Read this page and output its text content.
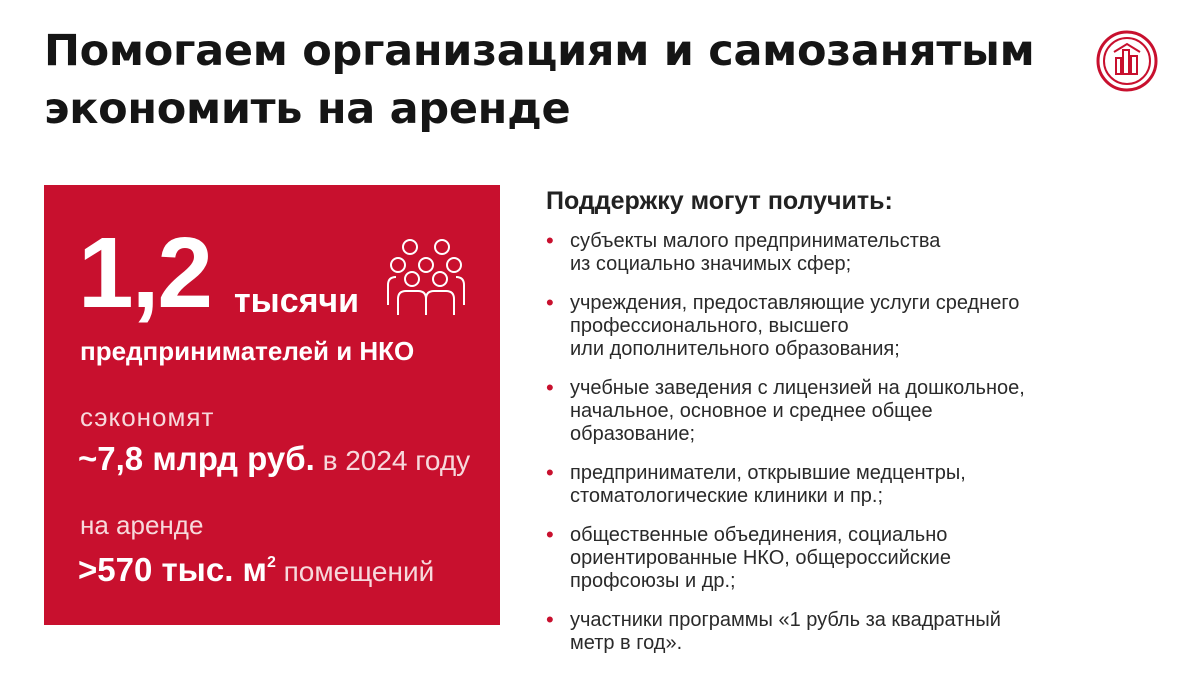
Помогаем организациям и самозанятым
экономить на аренде
1,2 тысячи
предпринимателей и НКО
сэкономят
~7,8 млрд руб. в 2024 году
на аренде
>570 тыс. $м^2$ помещений
Поддержку могут получить:
• субъекты малого предпринимательства
из социально значимых сфер;
• учреждения, предоставляющие услуги среднего
профессионального, высшего
или дополнительного образования;
• учебные заведения с лицензией на дошкольное,
начальное, основное и среднее общее
образование;
• предприниматели, открывшие медцентры,
стоматологические клиники и пр.;
• общественные объединения, социально
ориентированные НКО, общероссийские
профсоюзы и др.;
• участники программы «1 рубль за квадратный
метр в год».
